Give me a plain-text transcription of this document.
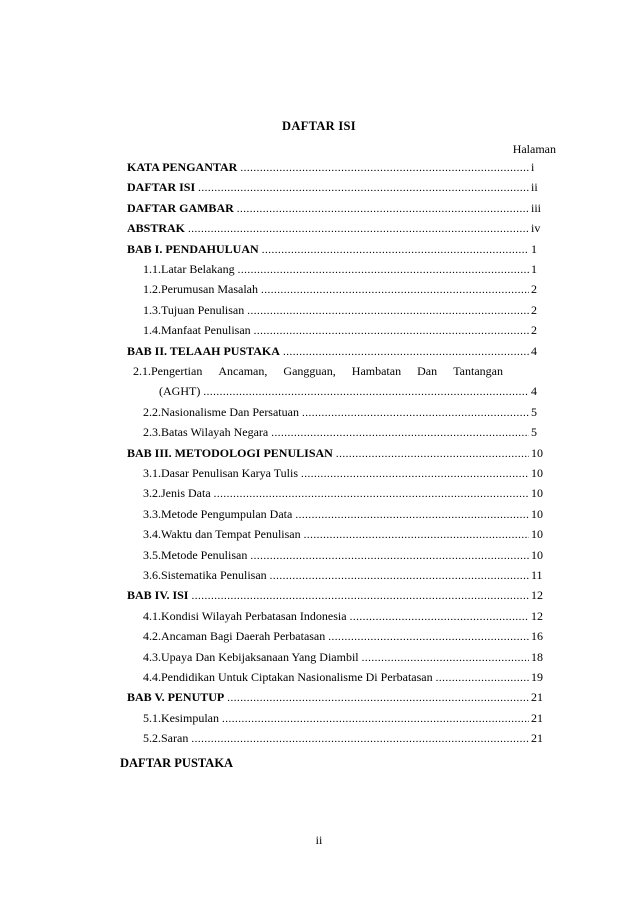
DAFTAR ISI
Halaman
KATA PENGANTAR .....	i
DAFTAR ISI .....	ii
DAFTAR GAMBAR .....	iii
ABSTRAK .....	iv
BAB I. PENDAHULUAN .....	1
1.1.Latar Belakang .....	1
1.2.Perumusan Masalah .....	2
1.3.Tujuan Penulisan .....	2
1.4.Manfaat Penulisan .....	2
BAB II. TELAAH PUSTAKA .....	4
2.1.Pengertian Ancaman, Gangguan, Hambatan Dan Tantangan
(AGHT) .....	4
2.2.Nasionalisme Dan Persatuan .....	5
2.3.Batas Wilayah Negara .....	5
BAB III. METODOLOGI PENULISAN .....	10
3.1.Dasar Penulisan Karya Tulis .....	10
3.2.Jenis Data .....	10
3.3.Metode Pengumpulan Data .....	10
3.4.Waktu dan Tempat Penulisan .....	10
3.5.Metode Penulisan .....	10
3.6.Sistematika Penulisan .....	11
BAB IV. ISI .....	12
4.1.Kondisi Wilayah Perbatasan Indonesia .....	12
4.2.Ancaman Bagi Daerah Perbatasan .....	16
4.3.Upaya Dan Kebijaksanaan Yang Diambil .....	18
4.4.Pendidikan Untuk Ciptakan Nasionalisme Di Perbatasan .....	19
BAB V. PENUTUP .....	21
5.1.Kesimpulan .....	21
5.2.Saran .....	21
DAFTAR PUSTAKA
ii
